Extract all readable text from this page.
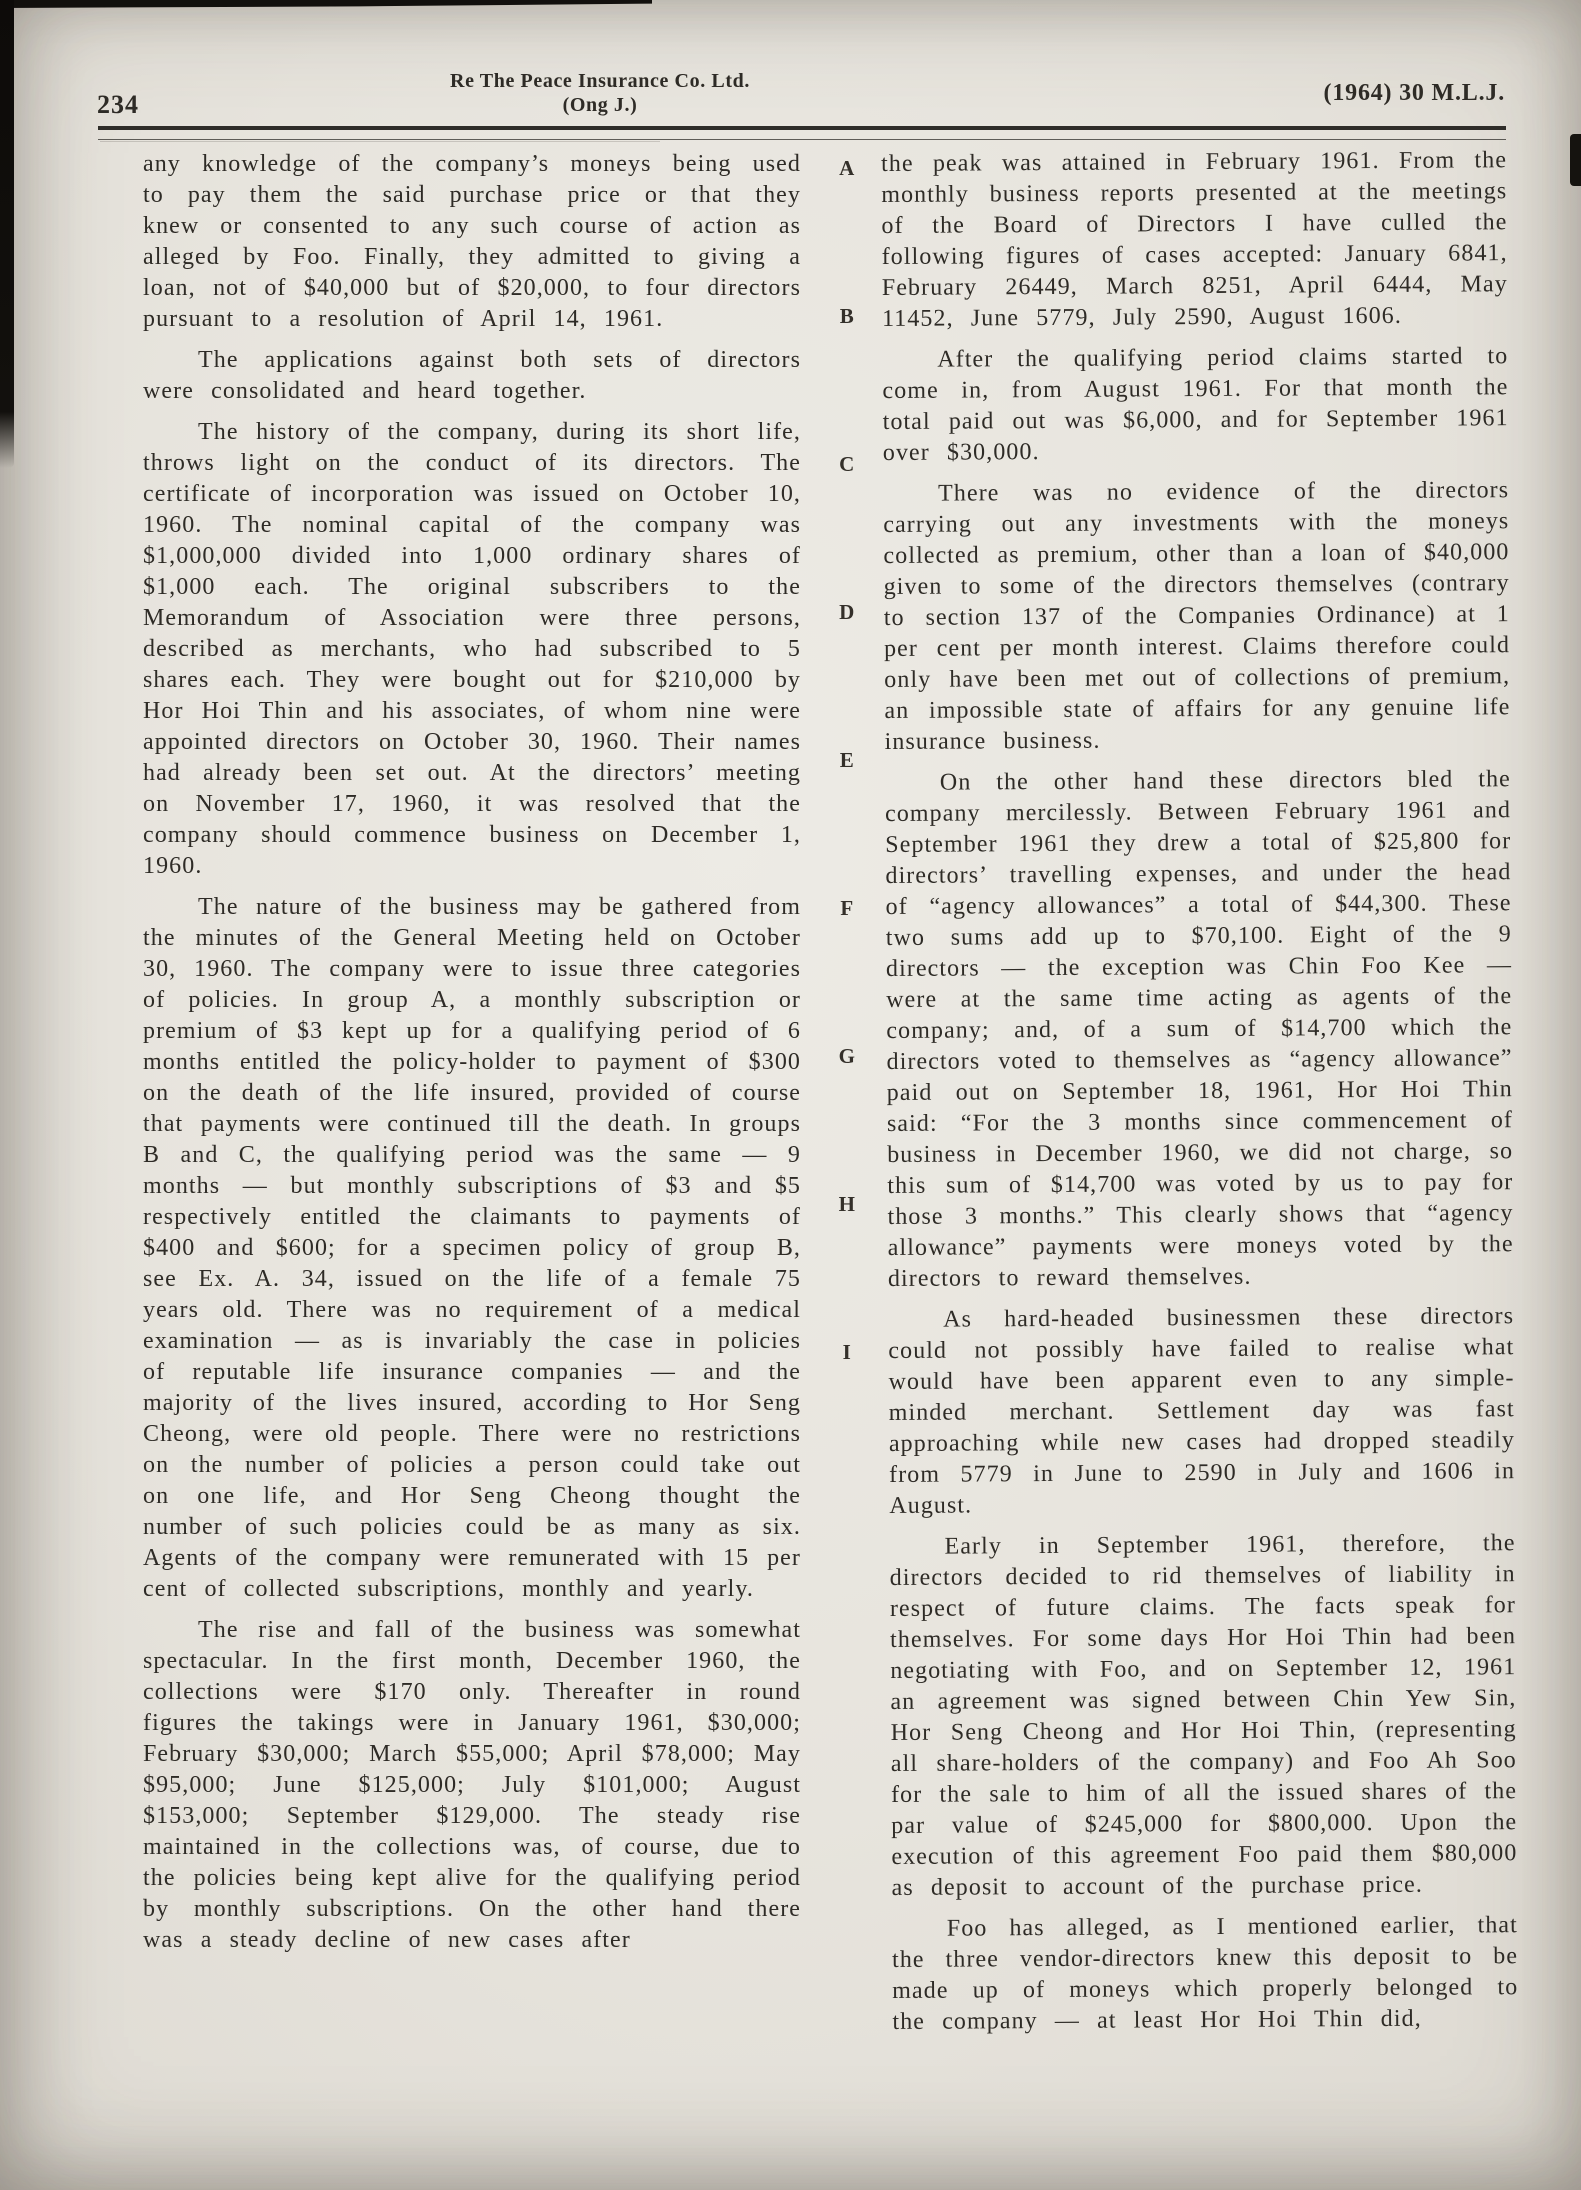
234
Re The Peace Insurance Co. Ltd.
(Ong J.)	(1964) 30 M.L.J.

any knowledge of the company’s moneys being used to pay them the said purchase price or that they knew or consented to any such course of action as alleged by Foo. Finally, they admitted to giving a loan, not of $40,000 but of $20,000, to four directors pursuant to a resolution of April 14, 1961.

The applications against both sets of directors were consolidated and heard together.

The history of the company, during its short life, throws light on the conduct of its directors. The certificate of incorporation was issued on October 10, 1960. The nominal capital of the company was $1,000,000 divided into 1,000 ordinary shares of $1,000 each. The original subscribers to the Memorandum of Association were three persons, described as merchants, who had subscribed to 5 shares each. They were bought out for $210,000 by Hor Hoi Thin and his associates, of whom nine were appointed directors on October 30, 1960. Their names had already been set out. At the directors’ meeting on November 17, 1960, it was resolved that the company should commence business on December 1, 1960.

The nature of the business may be gathered from the minutes of the General Meeting held on October 30, 1960. The company were to issue three categories of policies. In group A, a monthly subscription or premium of $3 kept up for a qualifying period of 6 months entitled the policy-holder to payment of $300 on the death of the life insured, provided of course that payments were continued till the death. In groups B and C, the qualifying period was the same — 9 months — but monthly subscriptions of $3 and $5 respectively entitled the claimants to payments of $400 and $600; for a specimen policy of group B, see Ex. A. 34, issued on the life of a female 75 years old. There was no requirement of a medical examination — as is invariably the case in policies of reputable life insurance companies — and the majority of the lives insured, according to Hor Seng Cheong, were old people. There were no restrictions on the number of policies a person could take out on one life, and Hor Seng Cheong thought the number of such policies could be as many as six. Agents of the company were remunerated with 15 per cent of collected subscriptions, monthly and yearly.

The rise and fall of the business was somewhat spectacular. In the first month, December 1960, the collections were $170 only. Thereafter in round figures the takings were in January 1961, $30,000; February $30,000; March $55,000; April $78,000; May $95,000; June $125,000; July $101,000; August $153,000; September $129,000. The steady rise maintained in the collections was, of course, due to the policies being kept alive for the qualifying period by monthly subscriptions. On the other hand there was a steady decline of new cases after

the peak was attained in February 1961. From the monthly business reports presented at the meetings of the Board of Directors I have culled the following figures of cases accepted: January 6841, February 26449, March 8251, April 6444, May 11452, June 5779, July 2590, August 1606.

After the qualifying period claims started to come in, from August 1961. For that month the total paid out was $6,000, and for September 1961 over $30,000.

There was no evidence of the directors carrying out any investments with the moneys collected as premium, other than a loan of $40,000 given to some of the directors themselves (contrary to section 137 of the Companies Ordinance) at 1 per cent per month interest. Claims therefore could only have been met out of collections of premium, an impossible state of affairs for any genuine life insurance business.

On the other hand these directors bled the company mercilessly. Between February 1961 and September 1961 they drew a total of $25,800 for directors’ travelling expenses, and under the head of “agency allowances” a total of $44,300. These two sums add up to $70,100. Eight of the 9 directors — the exception was Chin Foo Kee — were at the same time acting as agents of the company; and, of a sum of $14,700 which the directors voted to themselves as “agency allowance” paid out on September 18, 1961, Hor Hoi Thin said: “For the 3 months since commencement of business in December 1960, we did not charge, so this sum of $14,700 was voted by us to pay for those 3 months.” This clearly shows that “agency allowance” payments were moneys voted by the directors to reward themselves.

As hard-headed businessmen these directors could not possibly have failed to realise what would have been apparent even to any simple-minded merchant. Settlement day was fast approaching while new cases had dropped steadily from 5779 in June to 2590 in July and 1606 in August.

Early in September 1961, therefore, the directors decided to rid themselves of liability in respect of future claims. The facts speak for themselves. For some days Hor Hoi Thin had been negotiating with Foo, and on September 12, 1961 an agreement was signed between Chin Yew Sin, Hor Seng Cheong and Hor Hoi Thin, (representing all share-holders of the company) and Foo Ah Soo for the sale to him of all the issued shares of the par value of $245,000 for $800,000. Upon the execution of this agreement Foo paid them $80,000 as deposit to account of the purchase price.

Foo has alleged, as I mentioned earlier, that the three vendor-directors knew this deposit to be made up of moneys which properly belonged to the company — at least Hor Hoi Thin did,

A
B
C
D
E
F
G
H
I
